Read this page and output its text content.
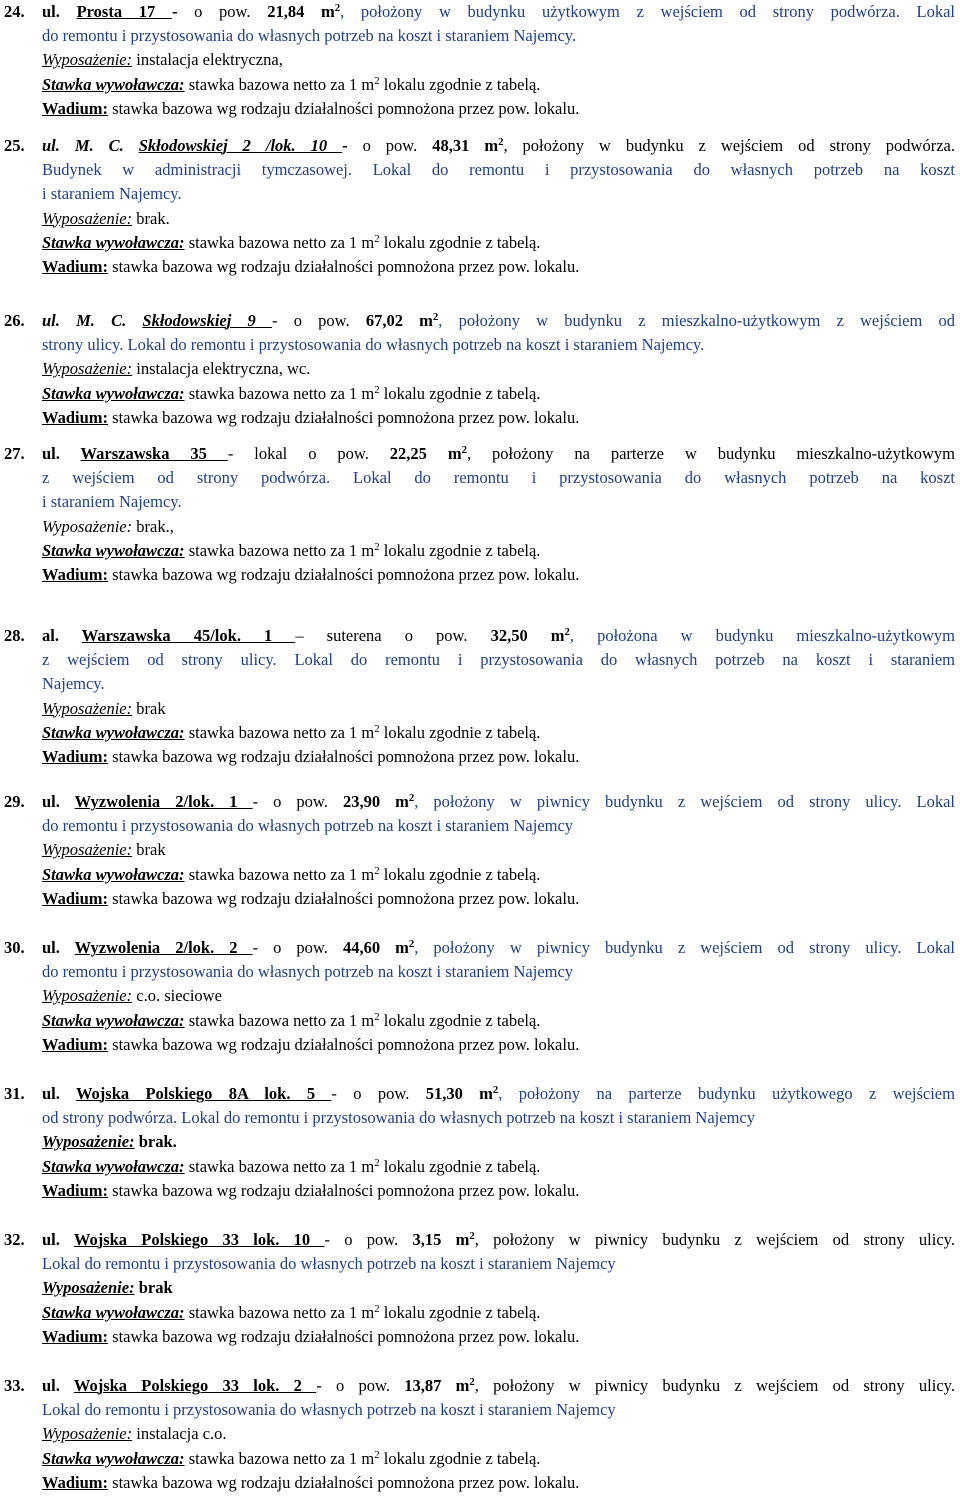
24.	ul. Prosta 17 - o pow. 21,84 $m^2$, położony w budynku użytkowym z wejściem od strony podwórza. Lokal
do remontu i przystosowania do własnych potrzeb na koszt i staraniem Najemcy.
Wyposażenie: instalacja elektryczna,
Stawka wywoławcza: stawka bazowa netto za 1 $m^2$ lokalu zgodnie z tabelą.
Wadium: stawka bazowa wg rodzaju działalności pomnożona przez pow. lokalu.
25.	ul. M. C. Skłodowskiej 2 /lok. 10 - o pow. 48,31 $m^2$, położony w budynku z wejściem od strony podwórza.
Budynek w administracji tymczasowej. Lokal do remontu i przystosowania do własnych potrzeb na koszt
i staraniem Najemcy.
Wyposażenie: brak.
Stawka wywoławcza: stawka bazowa netto za 1 $m^2$ lokalu zgodnie z tabelą.
Wadium: stawka bazowa wg rodzaju działalności pomnożona przez pow. lokalu.
26.	ul. M. C. Skłodowskiej 9 - o pow. 67,02 $m^2$, położony w budynku z mieszkalno-użytkowym z wejściem od
strony ulicy. Lokal do remontu i przystosowania do własnych potrzeb na koszt i staraniem Najemcy.
Wyposażenie: instalacja elektryczna, wc.
Stawka wywoławcza: stawka bazowa netto za 1 $m^2$ lokalu zgodnie z tabelą.
Wadium: stawka bazowa wg rodzaju działalności pomnożona przez pow. lokalu.
27.	ul. Warszawska 35 - lokal o pow. 22,25 $m^2$, położony na parterze w budynku mieszkalno-użytkowym
z wejściem od strony podwórza. Lokal do remontu i przystosowania do własnych potrzeb na koszt
i staraniem Najemcy.
Wyposażenie: brak.,
Stawka wywoławcza: stawka bazowa netto za 1 $m^2$ lokalu zgodnie z tabelą.
Wadium: stawka bazowa wg rodzaju działalności pomnożona przez pow. lokalu.
28.	al. Warszawska 45/lok. 1 – suterena o pow. 32,50 $m^2$, położona w budynku mieszkalno-użytkowym
z wejściem od strony ulicy. Lokal do remontu i przystosowania do własnych potrzeb na koszt i staraniem
Najemcy.
Wyposażenie: brak
Stawka wywoławcza: stawka bazowa netto za 1 $m^2$ lokalu zgodnie z tabelą.
Wadium: stawka bazowa wg rodzaju działalności pomnożona przez pow. lokalu.
29.	ul. Wyzwolenia 2/lok. 1 - o pow. 23,90 $m^2$, położony w piwnicy budynku z wejściem od strony ulicy. Lokal
do remontu i przystosowania do własnych potrzeb na koszt i staraniem Najemcy
Wyposażenie: brak
Stawka wywoławcza: stawka bazowa netto za 1 $m^2$ lokalu zgodnie z tabelą.
Wadium: stawka bazowa wg rodzaju działalności pomnożona przez pow. lokalu.
30.	ul. Wyzwolenia 2/lok. 2 - o pow. 44,60 $m^2$, położony w piwnicy budynku z wejściem od strony ulicy. Lokal
do remontu i przystosowania do własnych potrzeb na koszt i staraniem Najemcy
Wyposażenie: c.o. sieciowe
Stawka wywoławcza: stawka bazowa netto za 1 $m^2$ lokalu zgodnie z tabelą.
Wadium: stawka bazowa wg rodzaju działalności pomnożona przez pow. lokalu.
31.	ul. Wojska Polskiego 8A lok. 5 - o pow. 51,30 $m^2$, położony na parterze budynku użytkowego z wejściem
od strony podwórza. Lokal do remontu i przystosowania do własnych potrzeb na koszt i staraniem Najemcy
Wyposażenie: brak.
Stawka wywoławcza: stawka bazowa netto za 1 $m^2$ lokalu zgodnie z tabelą.
Wadium: stawka bazowa wg rodzaju działalności pomnożona przez pow. lokalu.
32.	ul. Wojska Polskiego 33 lok. 10 - o pow. 3,15 $m^2$, położony w piwnicy budynku z wejściem od strony ulicy.
Lokal do remontu i przystosowania do własnych potrzeb na koszt i staraniem Najemcy
Wyposażenie: brak
Stawka wywoławcza: stawka bazowa netto za 1 $m^2$ lokalu zgodnie z tabelą.
Wadium: stawka bazowa wg rodzaju działalności pomnożona przez pow. lokalu.
33.	ul. Wojska Polskiego 33 lok. 2 - o pow. 13,87 $m^2$, położony w piwnicy budynku z wejściem od strony ulicy.
Lokal do remontu i przystosowania do własnych potrzeb na koszt i staraniem Najemcy
Wyposażenie: instalacja c.o.
Stawka wywoławcza: stawka bazowa netto za 1 $m^2$ lokalu zgodnie z tabelą.
Wadium: stawka bazowa wg rodzaju działalności pomnożona przez pow. lokalu.
